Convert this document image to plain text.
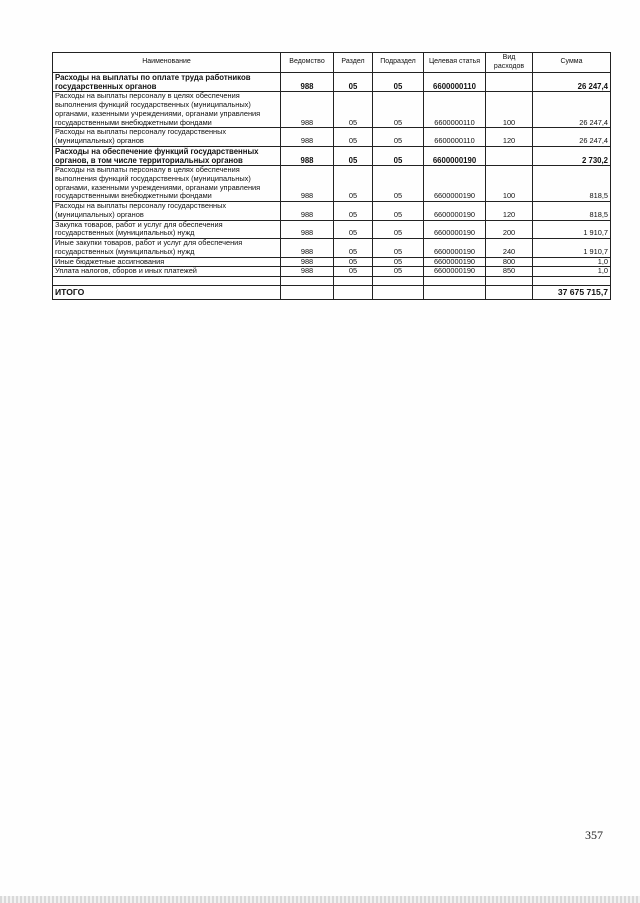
Наименование	Ведомство	Раздел	Подраздел	Целевая статья	Вид расходов	Сумма
Расходы на выплаты по оплате труда работников государственных органов	988	05	05	6600000110		26 247,4
Расходы на выплаты персоналу в целях обеспечения выполнения функций государственных (муниципальных) органами, казенными учреждениями, органами управления государственными внебюджетными фондами	988	05	05	6600000110	100	26 247,4
Расходы на выплаты персоналу государственных (муниципальных) органов	988	05	05	6600000110	120	26 247,4
Расходы на обеспечение функций государственных органов, в том числе территориальных органов	988	05	05	6600000190		2 730,2
Расходы на выплаты персоналу в целях обеспечения выполнения функций государственных (муниципальных) органами, казенными учреждениями, органами управления государственными внебюджетными фондами	988	05	05	6600000190	100	818,5
Расходы на выплаты персоналу государственных (муниципальных) органов	988	05	05	6600000190	120	818,5
Закупка товаров, работ и услуг для обеспечения государственных (муниципальных) нужд	988	05	05	6600000190	200	1 910,7
Иные закупки товаров, работ и услуг для обеспечения государственных (муниципальных) нужд	988	05	05	6600000190	240	1 910,7
Иные бюджетные ассигнования	988	05	05	6600000190	800	1,0
Уплата налогов, сборов и иных платежей	988	05	05	6600000190	850	1,0

ИТОГО						37 675 715,7
357
